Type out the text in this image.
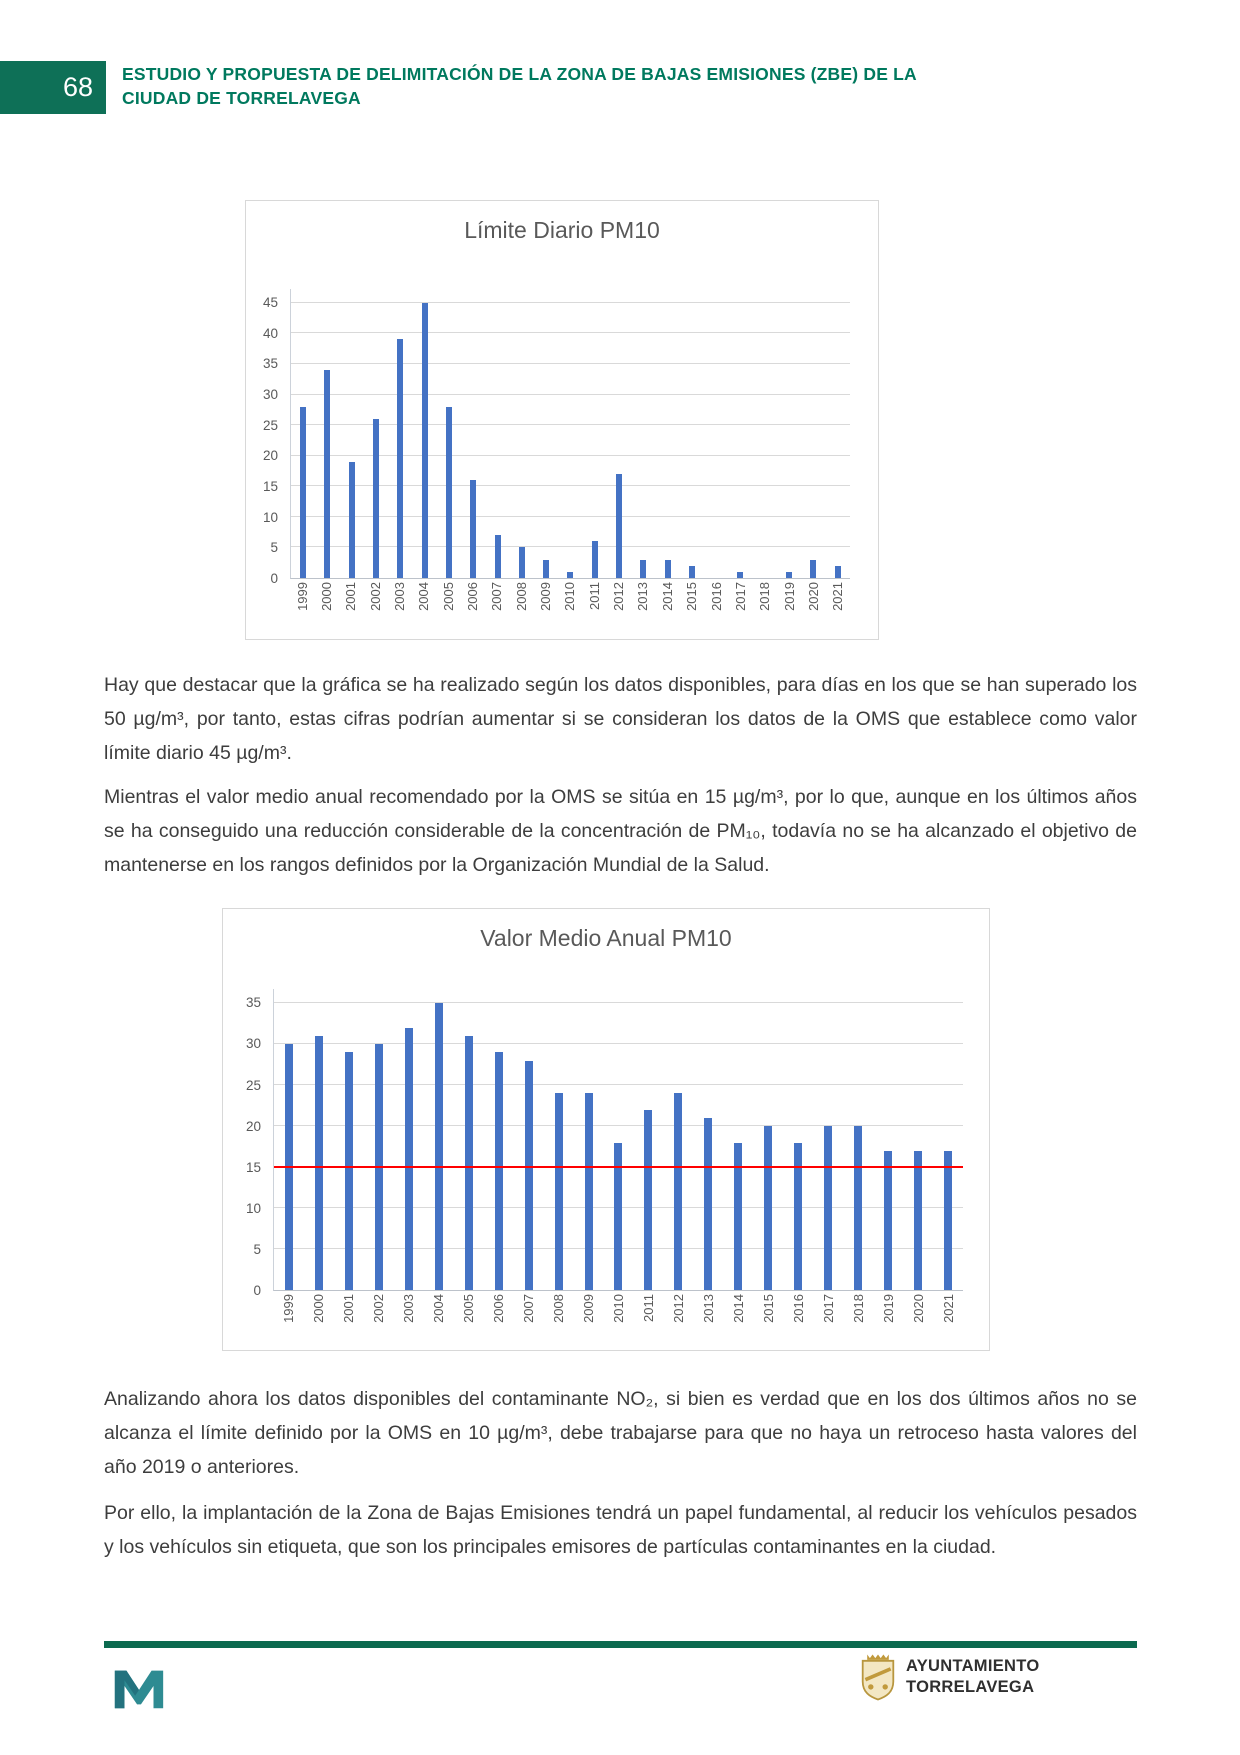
68 ESTUDIO Y PROPUESTA DE DELIMITACIÓN DE LA ZONA DE BAJAS EMISIONES (ZBE) DE LA
CIUDAD DE TORRELAVEGA
Límite Diario PM10
0
5
10
15
20
25
30
35
40
45
1999 2000 2001 2002 2003 2004 2005 2006 2007 2008 2009 2010 2011 2012 2013 2014 2015 2016 2017 2018 2019 2020 2021

Hay que destacar que la gráfica se ha realizado según los datos disponibles, para días en los que se han superado los 50 µg/m³, por tanto, estas cifras podrían aumentar si se consideran los datos de la OMS que establece como valor límite diario 45 µg/m³.

Mientras el valor medio anual recomendado por la OMS se sitúa en 15 µg/m³, por lo que, aunque en los últimos años se ha conseguido una reducción considerable de la concentración de PM₁₀, todavía no se ha alcanzado el objetivo de mantenerse en los rangos definidos por la Organización Mundial de la Salud.

Valor Medio Anual PM10
0
5
10
15
20
25
30
35
1999 2000 2001 2002 2003 2004 2005 2006 2007 2008 2009 2010 2011 2012 2013 2014 2015 2016 2017 2018 2019 2020 2021

Analizando ahora los datos disponibles del contaminante NO₂, si bien es verdad que en los dos últimos años no se alcanza el límite definido por la OMS en 10 µg/m³, debe trabajarse para que no haya un retroceso hasta valores del año 2019 o anteriores.

Por ello, la implantación de la Zona de Bajas Emisiones tendrá un papel fundamental, al reducir los vehículos pesados y los vehículos sin etiqueta, que son los principales emisores de partículas contaminantes en la ciudad.

AYUNTAMIENTO
TORRELAVEGA
